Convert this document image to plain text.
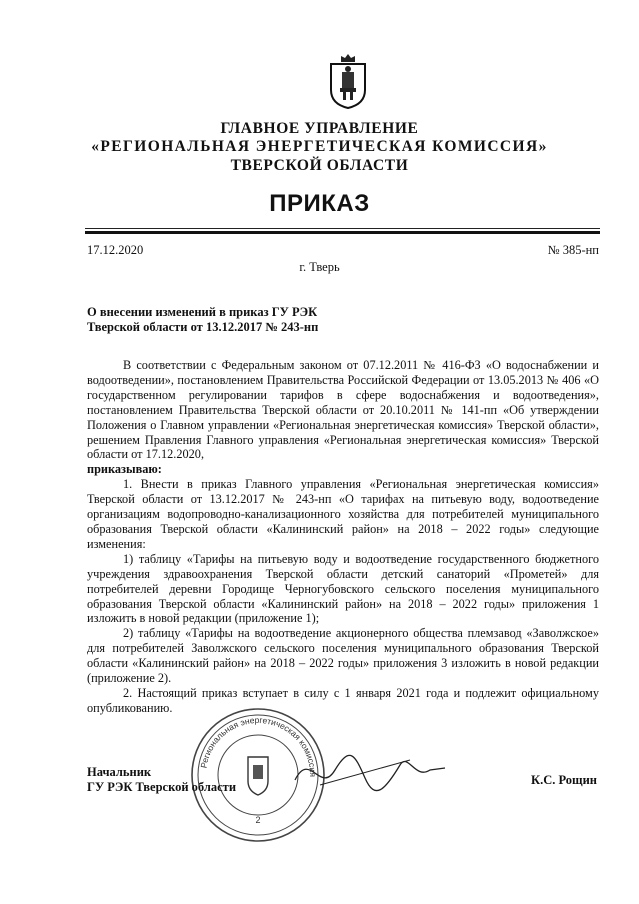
ГЛАВНОЕ УПРАВЛЕНИЕ
«РЕГИОНАЛЬНАЯ ЭНЕРГЕТИЧЕСКАЯ КОМИССИЯ»
ТВЕРСКОЙ ОБЛАСТИ
ПРИКАЗ
17.12.2020	№ 385-нп
г. Тверь
О внесении изменений в приказ ГУ РЭК
Тверской области от 13.12.2017 № 243-нп

В соответствии с Федеральным законом от 07.12.2011 № 416-ФЗ «О водоснабжении и водоотведении», постановлением Правительства Российской Федерации от 13.05.2013 № 406 «О государственном регулировании тарифов в сфере водоснабжения и водоотведения», постановлением Правительства Тверской области от 20.10.2011 № 141-пп «Об утверждении Положения о Главном управлении «Региональная энергетическая комиссия» Тверской области», решением Правления Главного управления «Региональная энергетическая комиссия» Тверской области от 17.12.2020,

приказываю:

1. Внести в приказ Главного управления «Региональная энергетическая комиссия» Тверской области от 13.12.2017 № 243-нп «О тарифах на питьевую воду, водоотведение организациям водопроводно-канализационного хозяйства для потребителей муниципального образования Тверской области «Калининский район» на 2018 – 2022 годы» следующие изменения:

1) таблицу «Тарифы на питьевую воду и водоотведение государственного бюджетного учреждения здравоохранения Тверской области детский санаторий «Прометей» для потребителей деревни Городище Черногубовского сельского поселения муниципального образования Тверской области «Калининский район» на 2018 – 2022 годы» приложения 1 изложить в новой редакции (приложение 1);

2) таблицу «Тарифы на водоотведение акционерного общества племзавод «Заволжское» для потребителей Заволжского сельского поселения муниципального образования Тверской области «Калининский район» на 2018 – 2022 годы» приложения 3 изложить в новой редакции (приложение 2).

2. Настоящий приказ вступает в силу с 1 января 2021 года и подлежит официальному опубликованию.

Региональная энергетическая комиссия
2
Начальник
ГУ РЭК Тверской области	К.С. Рощин
